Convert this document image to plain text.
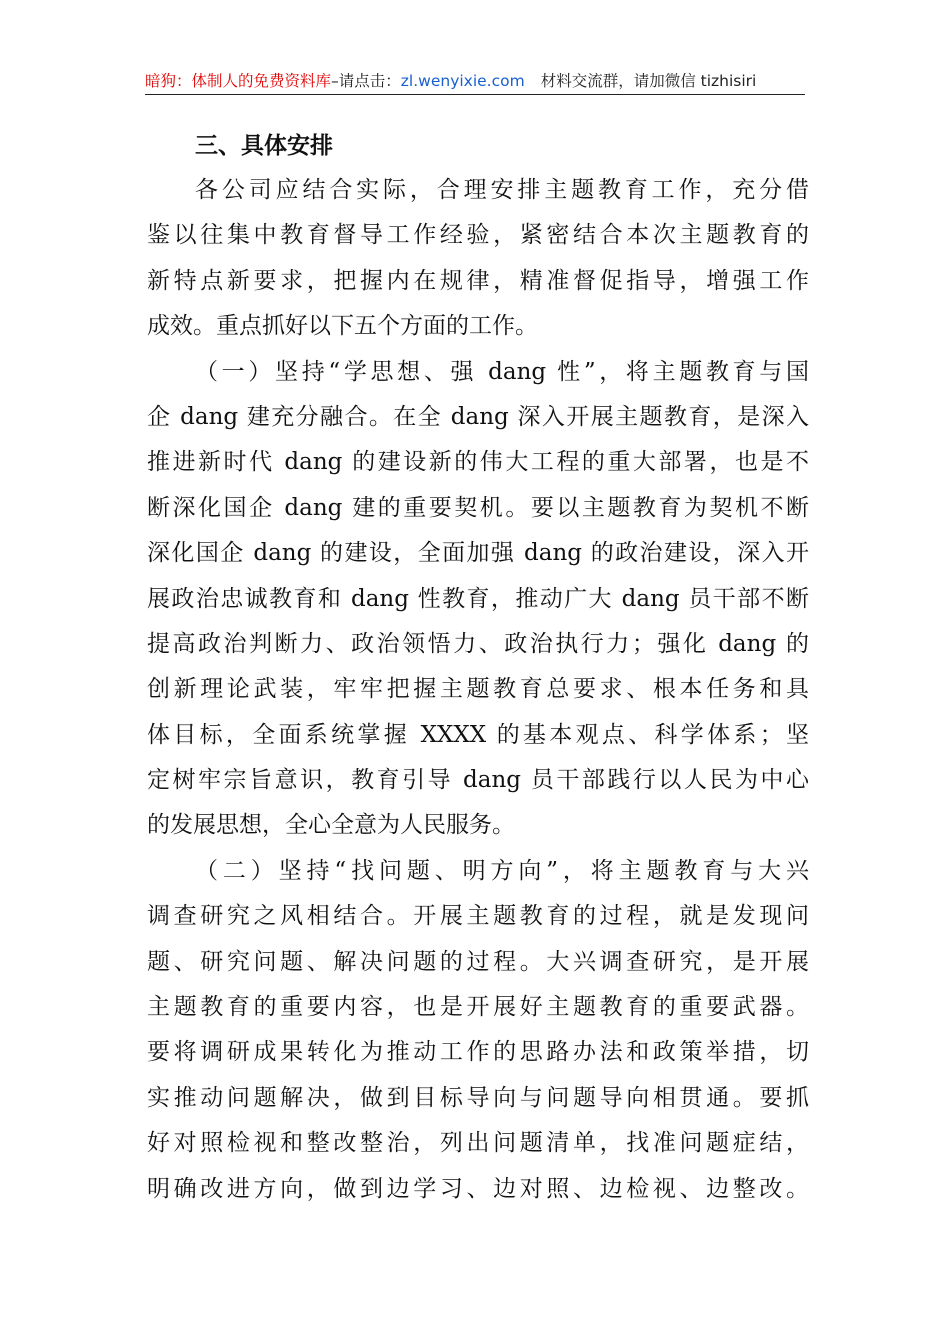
暗狗：体制人的免费资料库–请点击：zl.wenyixie.com 材料交流群，请加微信 tizhisiri
三、具体安排
各公司应结合实际，合理安排主题教育工作，充分借
鉴以往集中教育督导工作经验，紧密结合本次主题教育的
新特点新要求，把握内在规律，精准督促指导，增强工作
成效。重点抓好以下五个方面的工作。
（一）坚持“学思想、强 dang 性”，将主题教育与国
企 dang 建充分融合。在全 dang 深入开展主题教育，是深入
推进新时代 dang 的建设新的伟大工程的重大部署，也是不
断深化国企 dang 建的重要契机。要以主题教育为契机不断
深化国企 dang 的建设，全面加强 dang 的政治建设，深入开
展政治忠诚教育和 dang 性教育，推动广大 dang 员干部不断
提高政治判断力、政治领悟力、政治执行力；强化 dang 的
创新理论武装，牢牢把握主题教育总要求、根本任务和具
体目标，全面系统掌握 XXXX 的基本观点、科学体系；坚
定树牢宗旨意识，教育引导 dang 员干部践行以人民为中心
的发展思想，全心全意为人民服务。
（二）坚持“找问题、明方向”，将主题教育与大兴
调查研究之风相结合。开展主题教育的过程，就是发现问
题、研究问题、解决问题的过程。大兴调查研究，是开展
主题教育的重要内容，也是开展好主题教育的重要武器。
要将调研成果转化为推动工作的思路办法和政策举措，切
实推动问题解决，做到目标导向与问题导向相贯通。要抓
好对照检视和整改整治，列出问题清单，找准问题症结，
明确改进方向，做到边学习、边对照、边检视、边整改。
